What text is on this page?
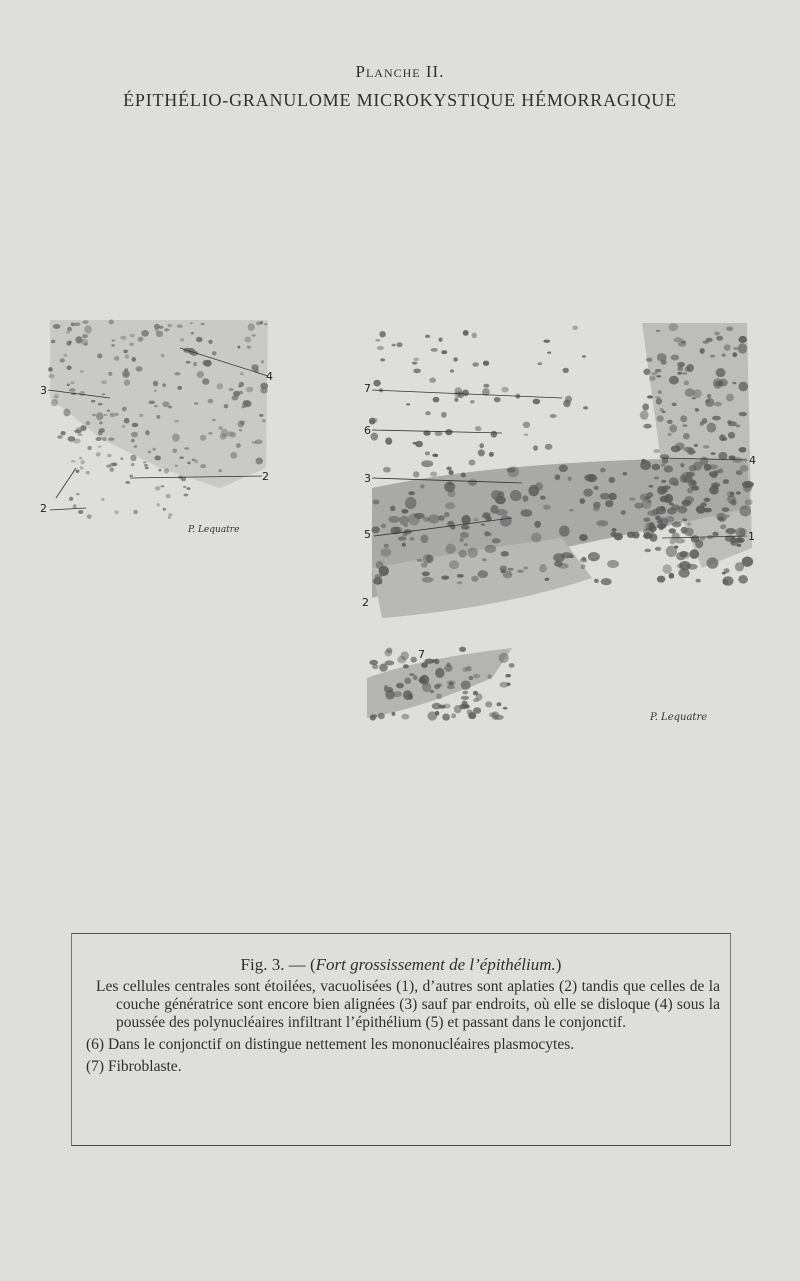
Planche II.
ÉPITHÉLIO-GRANULOME MICROKYSTIQUE HÉMORRAGIQUE
3
4
2
2
P. Lequatre
7
6
3
5
2
4
1
7
P. Lequatre
Fig. 3. — (Fort grossissement de l’épithélium.)

Les cellules centrales sont étoilées, vacuolisées (1), d’autres sont aplaties (2) tandis que celles de la couche génératrice sont encore bien alignées (3) sauf par endroits, où elle se disloque (4) sous la poussée des polynucléaires infiltrant l’épithélium (5) et passant dans le conjonctif.

(6) Dans le conjonctif on distingue nettement les mononucléaires plasmocytes.

(7) Fibroblaste.
